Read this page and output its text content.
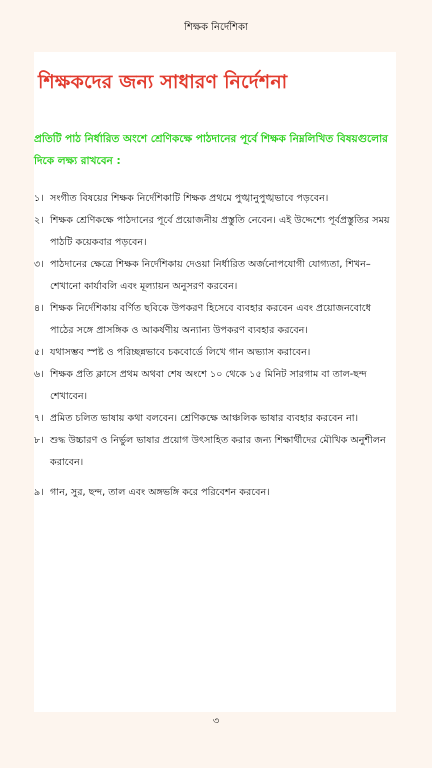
শিক্ষক নির্দেশিকা
শিক্ষকদের জন্য সাধারণ নির্দেশনা
প্রতিটি পাঠ নির্ধারিত অংশে শ্রেণিকক্ষে পাঠদানের পূর্বে শিক্ষক নিম্নলিখিত বিষয়গুলোর দিকে লক্ষ্য রাখবেন :
১। সংগীত বিষয়ের শিক্ষক নির্দেশিকাটি শিক্ষক প্রথমে পুঙ্খানুপুঙ্খভাবে পড়বেন।
২। শিক্ষক শ্রেণিকক্ষে পাঠদানের পূর্বে প্রয়োজনীয় প্রস্তুতি নেবেন। এই উদ্দেশ্যে পূর্বপ্রস্তুতির সময় পাঠটি কয়েকবার পড়বেন।
৩। পাঠদানের ক্ষেত্রে শিক্ষক নির্দেশিকায় দেওয়া নির্ধারিত অর্জনোপযোগী যোগ্যতা, শিখন–শেখানো কার্যাবলি এবং মূল্যায়ন অনুসরণ করবেন।
৪। শিক্ষক নির্দেশিকায় বর্ণিত ছবিকে উপকরণ হিসেবে ব্যবহার করবেন এবং প্রয়োজনবোধে পাঠের সঙ্গে প্রাসঙ্গিক ও আকর্ষণীয় অন্যান্য উপকরণ ব্যবহার করবেন।
৫। যথাসম্ভব স্পষ্ট ও পরিচ্ছন্নভাবে চকবোর্ডে লিখে গান অভ্যাস করাবেন।
৬। শিক্ষক প্রতি ক্লাসে প্রথম অথবা শেষ অংশে ১০ থেকে ১৫ মিনিট সারগাম বা তাল-ছন্দ শেখাবেন।
৭। প্রমিত চলিত ভাষায় কথা বলবেন। শ্রেণিকক্ষে আঞ্চলিক ভাষার ব্যবহার করবেন না।
৮। শুদ্ধ উচ্চারণ ও নির্ভুল ভাষার প্রয়োগ উৎসাহিত করার জন্য শিক্ষার্থীদের মৌখিক অনুশীলন করাবেন।
৯। গান, সুর, ছন্দ, তাল এবং অঙ্গভঙ্গি করে পরিবেশন করবেন।
৩
